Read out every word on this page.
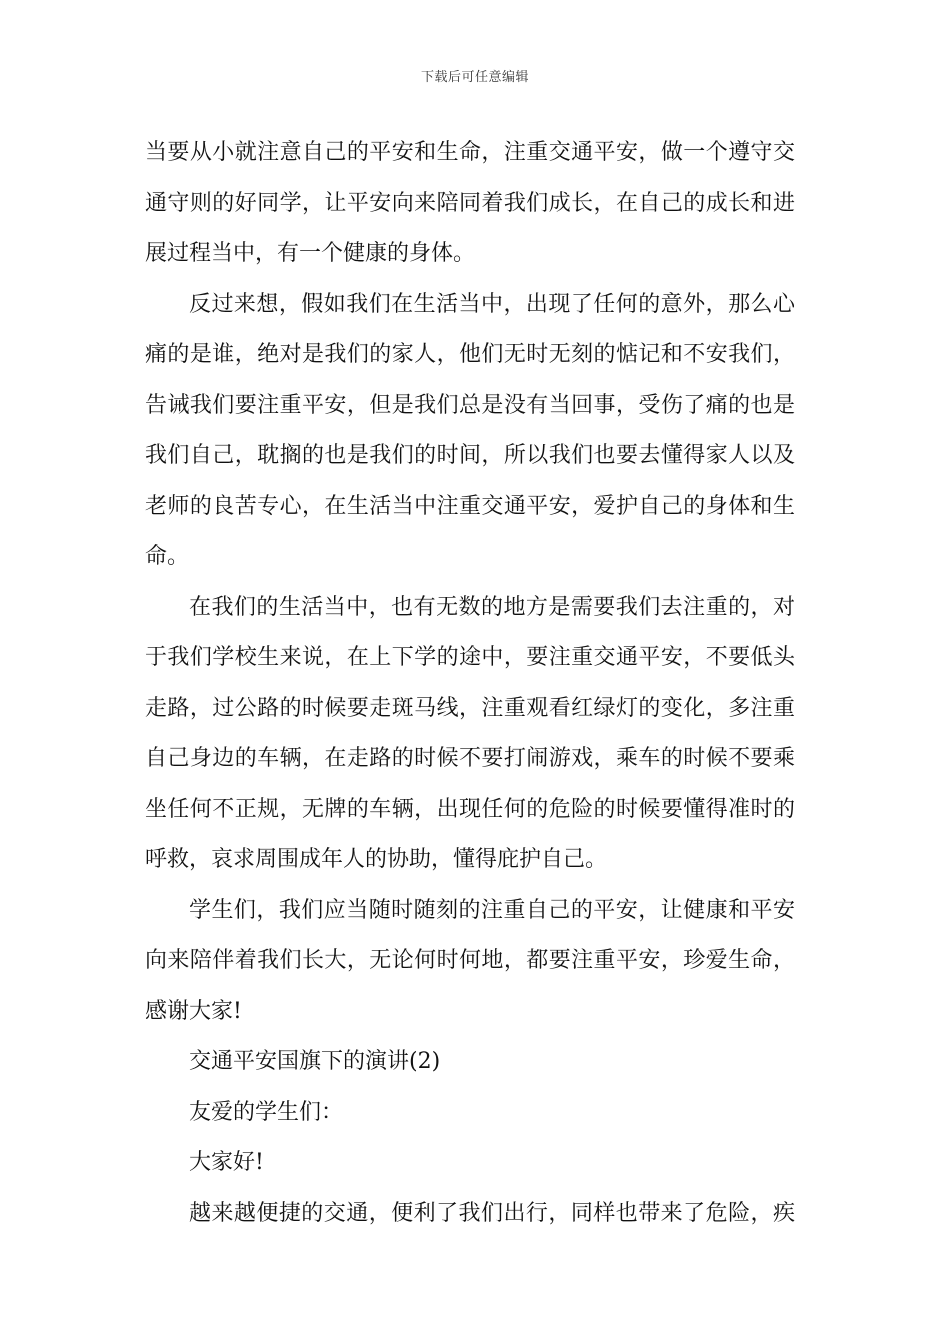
下载后可任意编辑

当要从小就注意自己的平安和生命，注重交通平安，做一个遵守交
通守则的好同学，让平安向来陪同着我们成长，在自己的成长和进
展过程当中，有一个健康的身体。

反过来想，假如我们在生活当中，出现了任何的意外，那么心
痛的是谁，绝对是我们的家人，他们无时无刻的惦记和不安我们，
告诫我们要注重平安，但是我们总是没有当回事，受伤了痛的也是
我们自己，耽搁的也是我们的时间，所以我们也要去懂得家人以及
老师的良苦专心，在生活当中注重交通平安，爱护自己的身体和生
命。

在我们的生活当中，也有无数的地方是需要我们去注重的，对
于我们学校生来说，在上下学的途中，要注重交通平安，不要低头
走路，过公路的时候要走斑马线，注重观看红绿灯的变化，多注重
自己身边的车辆，在走路的时候不要打闹游戏，乘车的时候不要乘
坐任何不正规，无牌的车辆，出现任何的危险的时候要懂得准时的
呼救，哀求周围成年人的协助，懂得庇护自己。

学生们，我们应当随时随刻的注重自己的平安，让健康和平安
向来陪伴着我们长大，无论何时何地，都要注重平安，珍爱生命，
感谢大家!

交通平安国旗下的演讲(2)

友爱的学生们：

大家好!

越来越便捷的交通，便利了我们出行，同样也带来了危险，疾
